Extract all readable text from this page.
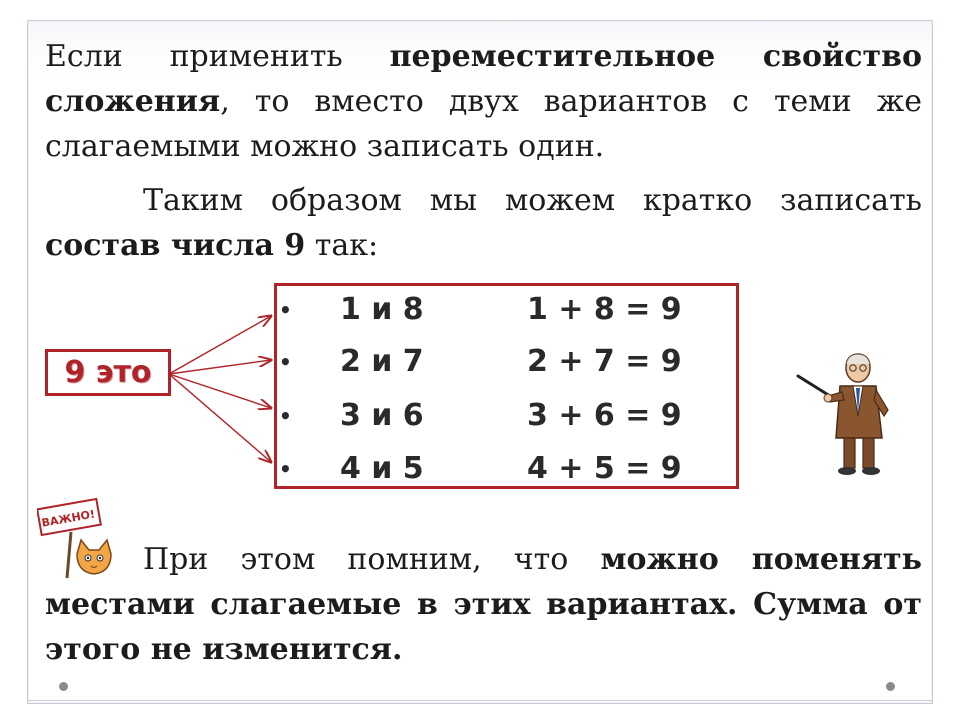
Если применить переместительное свойство сложения, то вместо двух вариантов с теми же слагаемыми можно записать один.
Таким образом мы можем кратко записать состав числа 9 так:
9 это
• 1 и 8	1 + 8 = 9
• 2 и 7	2 + 7 = 9
• 3 и 6	3 + 6 = 9
• 4 и 5	4 + 5 = 9
ВАЖНО!
При этом помним, что можно поменять местами слагаемые в этих вариантах. Сумма от этого не изменится.
